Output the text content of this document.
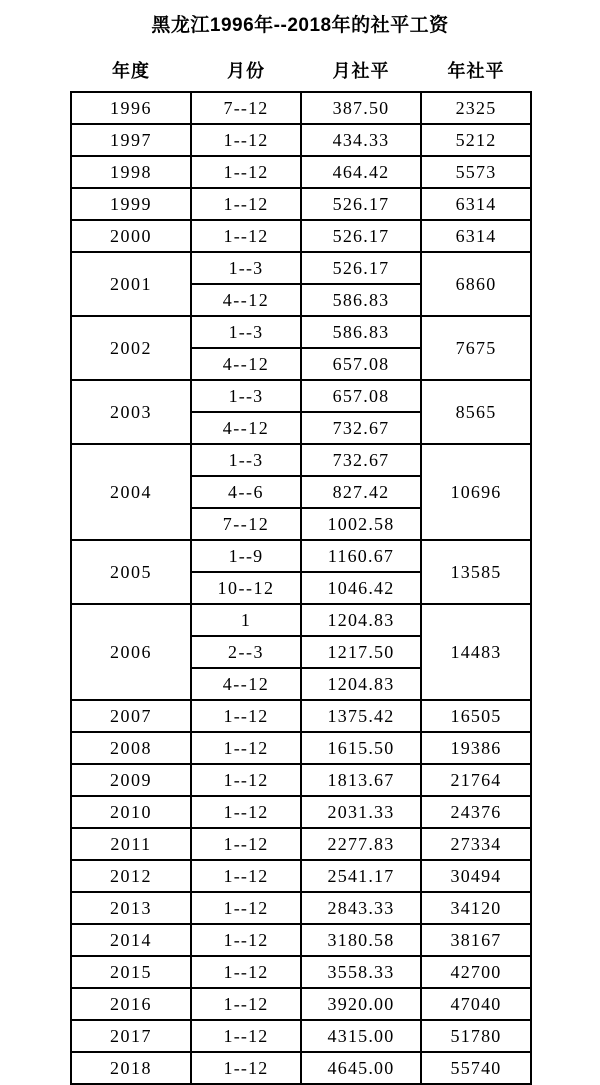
黑龙江1996年--2018年的社平工资
年度	月份	月社平	年社平
1996	7--12	387.50	2325
1997	1--12	434.33	5212
1998	1--12	464.42	5573
1999	1--12	526.17	6314
2000	1--12	526.17	6314
2001	1--3	526.17	6860
	4--12	586.83	
2002	1--3	586.83	7675
	4--12	657.08	
2003	1--3	657.08	8565
	4--12	732.67	
2004	1--3	732.67	10696
	4--6	827.42	
	7--12	1002.58	
2005	1--9	1160.67	13585
	10--12	1046.42	
2006	1	1204.83	14483
	2--3	1217.50	
	4--12	1204.83	
2007	1--12	1375.42	16505
2008	1--12	1615.50	19386
2009	1--12	1813.67	21764
2010	1--12	2031.33	24376
2011	1--12	2277.83	27334
2012	1--12	2541.17	30494
2013	1--12	2843.33	34120
2014	1--12	3180.58	38167
2015	1--12	3558.33	42700
2016	1--12	3920.00	47040
2017	1--12	4315.00	51780
2018	1--12	4645.00	55740
